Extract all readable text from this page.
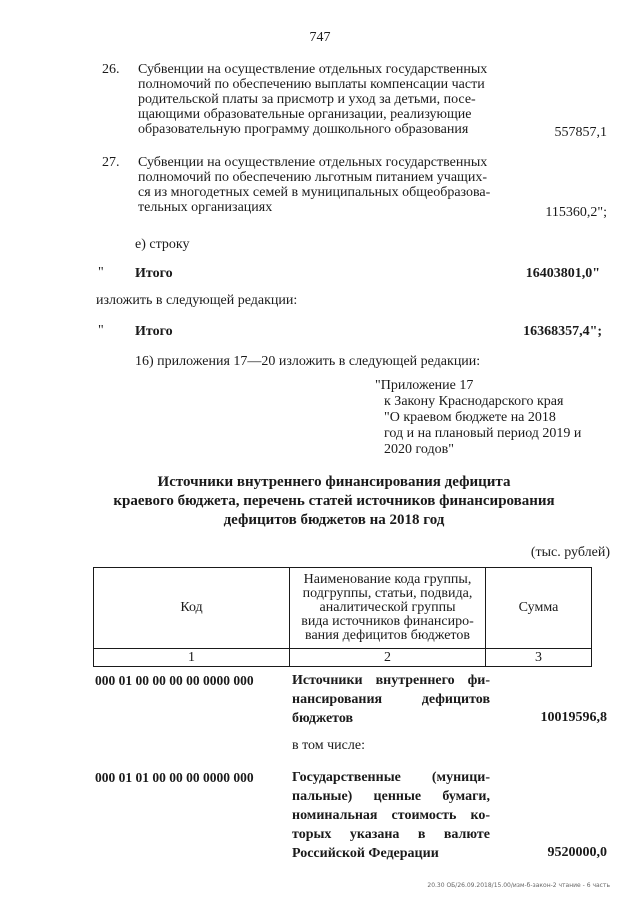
747
26. Субвенции на осуществление отдельных государственных
полномочий по обеспечению выплаты компенсации части
родительской платы за присмотр и уход за детьми, посе-
щающими образовательные организации, реализующие
образовательную программу дошкольного образования	557857,1
27. Субвенции на осуществление отдельных государственных
полномочий по обеспечению льготным питанием учащих-
ся из многодетных семей в муниципальных общеобразова-
тельных организациях	115360,2";
е) строку
" Итого	16403801,0"
изложить в следующей редакции:
" Итого	16368357,4";
16) приложения 17—20 изложить в следующей редакции:
"Приложение 17
к Закону Краснодарского края
"О краевом бюджете на 2018
год и на плановый период 2019 и
2020 годов"
Источники внутреннего финансирования дефицита
краевого бюджета, перечень статей источников финансирования
дефицитов бюджетов на 2018 год
(тыс. рублей)
Код	Наименование кода группы,
подгруппы, статьи, подвида,
аналитической группы
вида источников финансиро-
вания дефицитов бюджетов	Сумма
1	2	3
000 01 00 00 00 00 0000 000	Источники внутреннего фи-
нансирования дефицитов
бюджетов	10019596,8
в том числе:
000 01 01 00 00 00 0000 000	Государственные (муници-
пальные) ценные бумаги,
номинальная стоимость ко-
торых указана в валюте
Российской Федерации	9520000,0
20.30 ОБ/26.09.2018/15.00/изм-б-закон-2 чтаниe - 6 часть
